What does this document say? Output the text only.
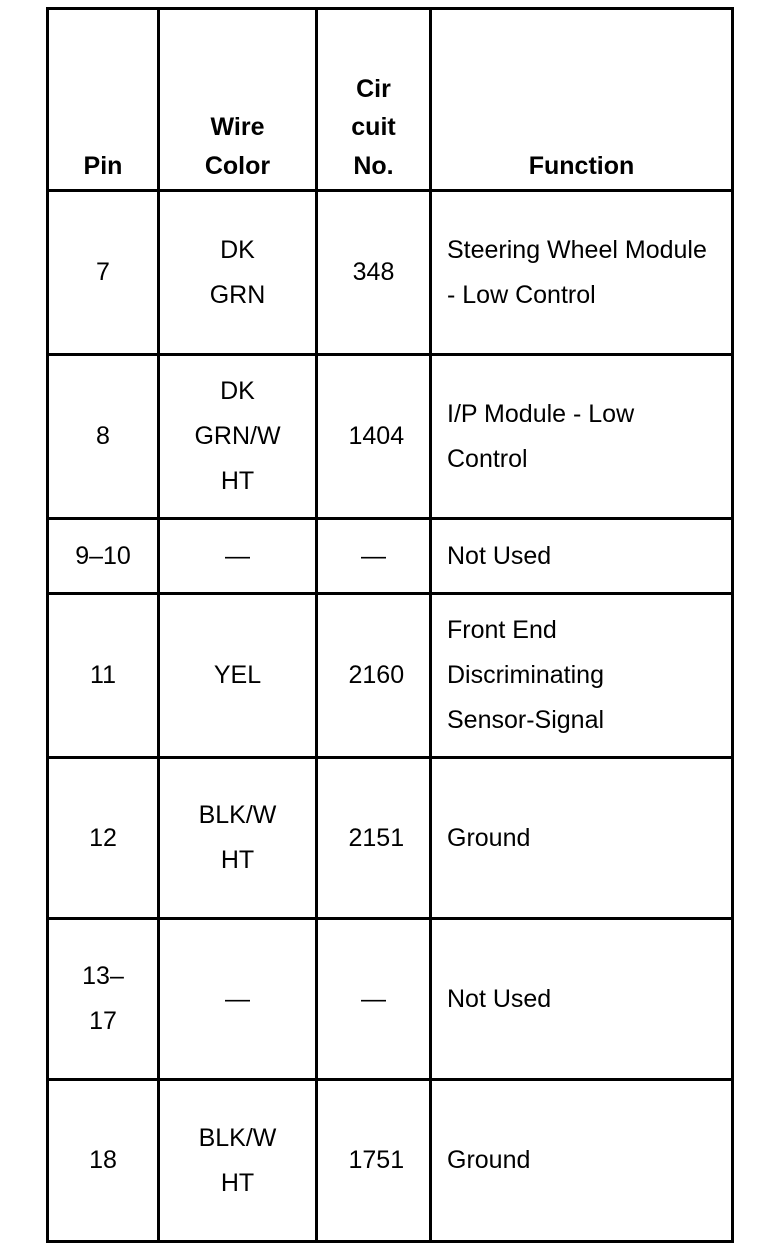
Pin	Wire Color	Cir cuit No.	Function
7	DK GRN	348	Steering Wheel Module - Low Control

8	DK GRN/W HT	1404	I/P Module - Low Control

9–10	—	—	Not Used

11	YEL	2160	Front End Discriminating Sensor-Signal

12	BLK/W HT	2151	Ground

13– 17	—	—	Not Used

18	BLK/W HT	1751	Ground
